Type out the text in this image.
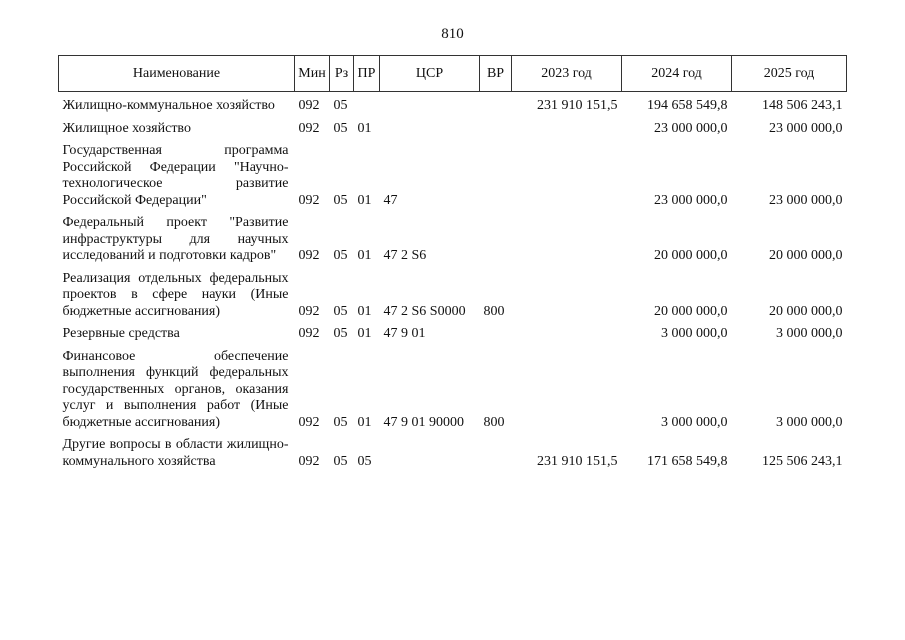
810
Наименование	Мин	Рз	ПР	ЦСР	ВР	2023 год	2024 год	2025 год

Жилищно-коммунальное хозяйство	092	05				231 910 151,5	194 658 549,8	148 506 243,1

Жилищное хозяйство	092	05	01				23 000 000,0	23 000 000,0

Государственная программа Российской Федерации "Научно-технологическое развитие Российской Федерации"	092	05	01	47			23 000 000,0	23 000 000,0

Федеральный проект "Развитие инфраструктуры для научных исследований и подготовки кадров"	092	05	01	47 2 S6			20 000 000,0	20 000 000,0

Реализация отдельных федеральных проектов в сфере науки (Иные бюджетные ассигнования)	092	05	01	47 2 S6 S0000	800		20 000 000,0	20 000 000,0

Резервные средства	092	05	01	47 9 01			3 000 000,0	3 000 000,0

Финансовое обеспечение выполнения функций федеральных государственных органов, оказания услуг и выполнения работ (Иные бюджетные ассигнования)	092	05	01	47 9 01 90000	800		3 000 000,0	3 000 000,0

Другие вопросы в области жилищно-коммунального хозяйства	092	05	05			231 910 151,5	171 658 549,8	125 506 243,1
